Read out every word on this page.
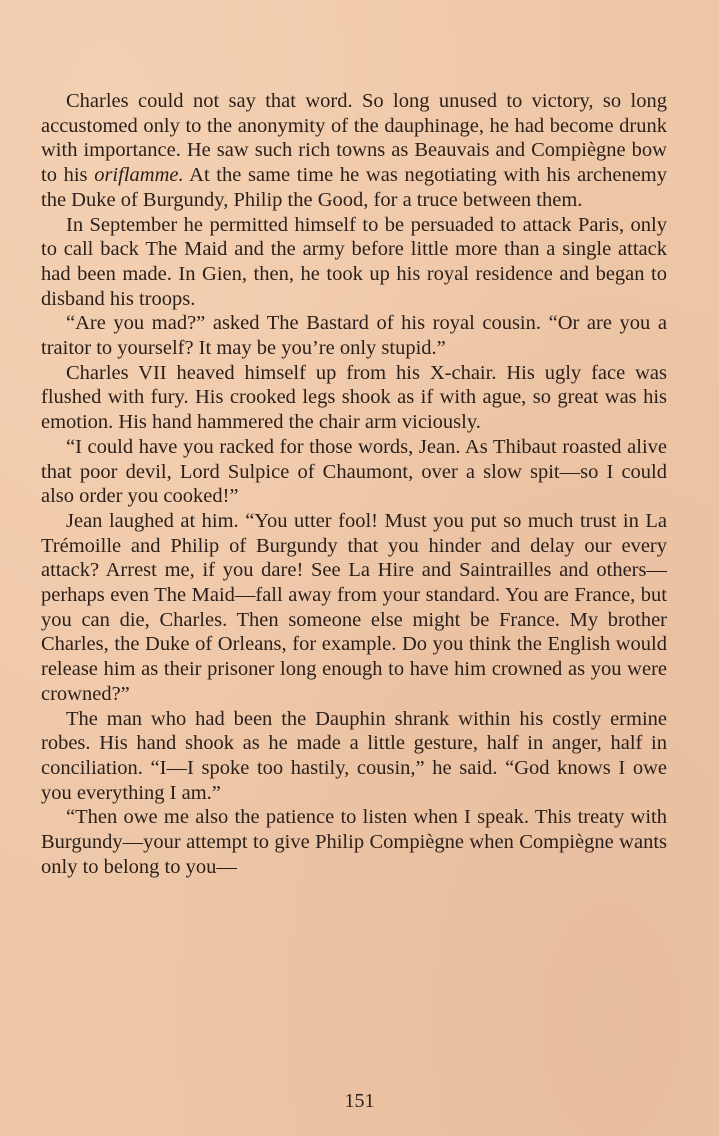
Charles could not say that word. So long unused to victory, so long accustomed only to the anonymity of the dauphinage, he had become drunk with importance. He saw such rich towns as Beauvais and Compiègne bow to his oriflamme. At the same time he was negotiating with his archenemy the Duke of Burgundy, Philip the Good, for a truce between them.

In September he permitted himself to be persuaded to attack Paris, only to call back The Maid and the army before little more than a single attack had been made. In Gien, then, he took up his royal residence and began to disband his troops.

“Are you mad?” asked The Bastard of his royal cousin. “Or are you a traitor to yourself? It may be you’re only stupid.”

Charles VII heaved himself up from his X-chair. His ugly face was flushed with fury. His crooked legs shook as if with ague, so great was his emotion. His hand hammered the chair arm viciously.

“I could have you racked for those words, Jean. As Thibaut roasted alive that poor devil, Lord Sulpice of Chaumont, over a slow spit—so I could also order you cooked!”

Jean laughed at him. “You utter fool! Must you put so much trust in La Trémoille and Philip of Burgundy that you hinder and delay our every attack? Arrest me, if you dare! See La Hire and Saintrailles and others—perhaps even The Maid—fall away from your standard. You are France, but you can die, Charles. Then someone else might be France. My brother Charles, the Duke of Orleans, for example. Do you think the English would release him as their prisoner long enough to have him crowned as you were crowned?”

The man who had been the Dauphin shrank within his costly ermine robes. His hand shook as he made a little gesture, half in anger, half in conciliation. “I—I spoke too hastily, cousin,” he said. “God knows I owe you everything I am.”

“Then owe me also the patience to listen when I speak. This treaty with Burgundy—your attempt to give Philip Compiègne when Compiègne wants only to belong to you—

151
